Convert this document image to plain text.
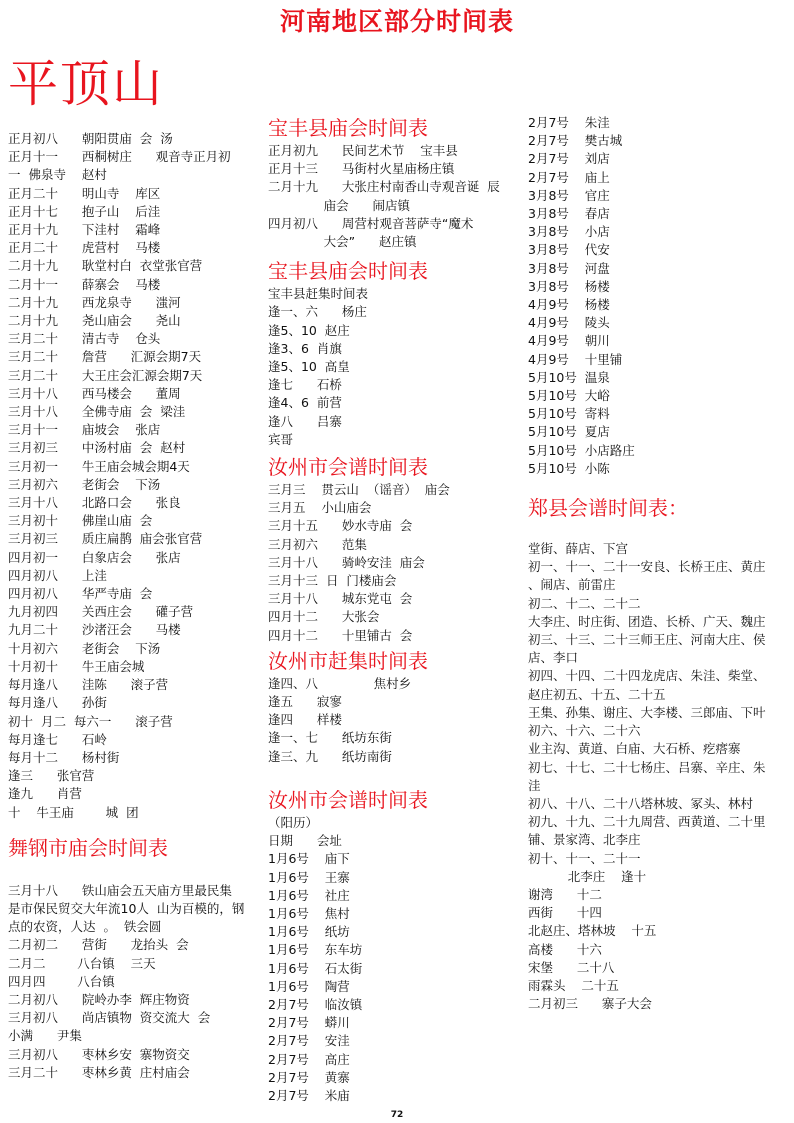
河南地区部分时间表
平顶山
正月初八      朝阳贯庙  会  汤
正月十一      西桐树庄      观音寺正月初
一  佛泉寺    赵村
正月二十      明山寺    库区
正月十七      抱子山    后洼
正月十九      下洼村    霜峰
正月二十      虎营村    马楼
二月十九      耿堂村白  衣堂张官营
二月十一      薛寨会    马楼
二月十九      西龙泉寺      滍河
二月十九      尧山庙会      尧山
三月二十      清古寺    仓头
三月二十      詹营      汇源会期7天
三月二十      大王庄会汇源会期7天
三月十八      西马楼会      董周
三月十八      全佛寺庙  会  梁洼
三月十一      庙坡会    张店
三月初三      中汤村庙  会  赵村
三月初一      牛王庙会城会期4天
三月初六      老街会    下汤
三月十八      北路口会      张良
三月初十      佛崖山庙  会
三月初三      质庄扁鹊  庙会张官营
四月初一      白象店会      张店
四月初八      上洼
四月初八      华严寺庙  会
九月初四      关西庄会      礶子营
九月二十      沙渚汪会      马楼
十月初六      老街会    下汤
十月初十      牛王庙会城
每月逢八      洼陈      滚子营
每月逢八      孙街
初十  月二  每六一      滚子营
每月逢七      石岭
每月十二      杨村街
逢三      张官营
逢九      肖营
十    牛王庙        城  团
舞钢市庙会时间表
三月十八      铁山庙会五天庙方里最民集
是市保民贸交大年流10人  山为百模的，钢
点的农资，人达  。  铁会圆
二月初二      营街      龙抬头  会
二月二        八台镇    三天
四月四        八台镇
二月初八      院岭办李  辉庄物资
三月初八      尚店镇物  资交流大  会
小满      尹集
三月初八      枣林乡安  寨物资交
三月二十      枣林乡黄  庄村庙会
宝丰县庙会时间表
正月初九      民间艺术节    宝丰县
正月十三      马街村火星庙杨庄镇
二月十九      大张庄村南香山寺观音诞  辰
庙会      闹店镇
四月初八      周营村观音菩萨寺“魔术
大会”      赵庄镇
宝丰县庙会时间表
宝丰县赶集时间表
逢一、六      杨庄
逢5、10  赵庄
逢3、6  肖旗
逢5、10  高皇
逢七      石桥
逢4、6  前营
逢八      吕寨
宾哥
汝州市会谱时间表
三月三    贯云山  （谣音）  庙会
三月五    小山庙会
三月十五      妙水寺庙  会
三月初六      范集
三月十八      骑岭安洼  庙会
三月十三  日  门楼庙会
三月十八      城东党屯  会
四月十二      大张会
四月十二      十里铺古  会
汝州市赶集时间表
逢四、八              焦村乡
逢五      寂寥
逢四      样楼
逢一、七      纸坊东街
逢三、九      纸坊南街
汝州市会谱时间表
（阳历）
日期      会址
1月6号    庙下
1月6号    王寨
1月6号    社庄
1月6号    焦村
1月6号    纸坊
1月6号    东车坊
1月6号    石太街
1月6号    陶营
2月7号    临汝镇
2月7号    蟒川
2月7号    安洼
2月7号    高庄
2月7号    黄寨
2月7号    米庙
2月7号    朱洼
2月7号    樊古城
2月7号    刘店
2月7号    庙上
3月8号    官庄
3月8号    春店
3月8号    小店
3月8号    代安
3月8号    河盘
3月8号    杨楼
4月9号    杨楼
4月9号    陵头
4月9号    朝川
4月9号    十里铺
5月10号  温泉
5月10号  大峪
5月10号  寄料
5月10号  夏店
5月10号  小店路庄
5月10号  小陈
郑县会谱时间表：
堂街、薛店、下宫
初一、十一、二十一安良、长桥王庄、黄庄
、闹店、前雷庄
初二、十二、二十二
大李庄、时庄街、团造、长桥、广天、魏庄
初三、十三、二十三师王庄、河南大庄、侯
店、李口
初四、十四、二十四龙虎店、朱洼、柴堂、
赵庄初五、十五、二十五
王集、孙集、谢庄、大李楼、三郎庙、下叶
初六、十六、二十六
业主沟、黄道、白庙、大石桥、疙瘩寨
初七、十七、二十七杨庄、吕寨、辛庄、朱
洼
初八、十八、二十八塔林坡、冢头、林村
初九、十九、二十九周营、西黄道、二十里
铺、景家湾、北李庄
初十、十一、二十一
北李庄    逢十
谢湾      十二
西街      十四
北赵庄、塔林坡    十五
高楼      十六
宋堡      二十八
雨霖头    二十五
二月初三      寨子大会
72
